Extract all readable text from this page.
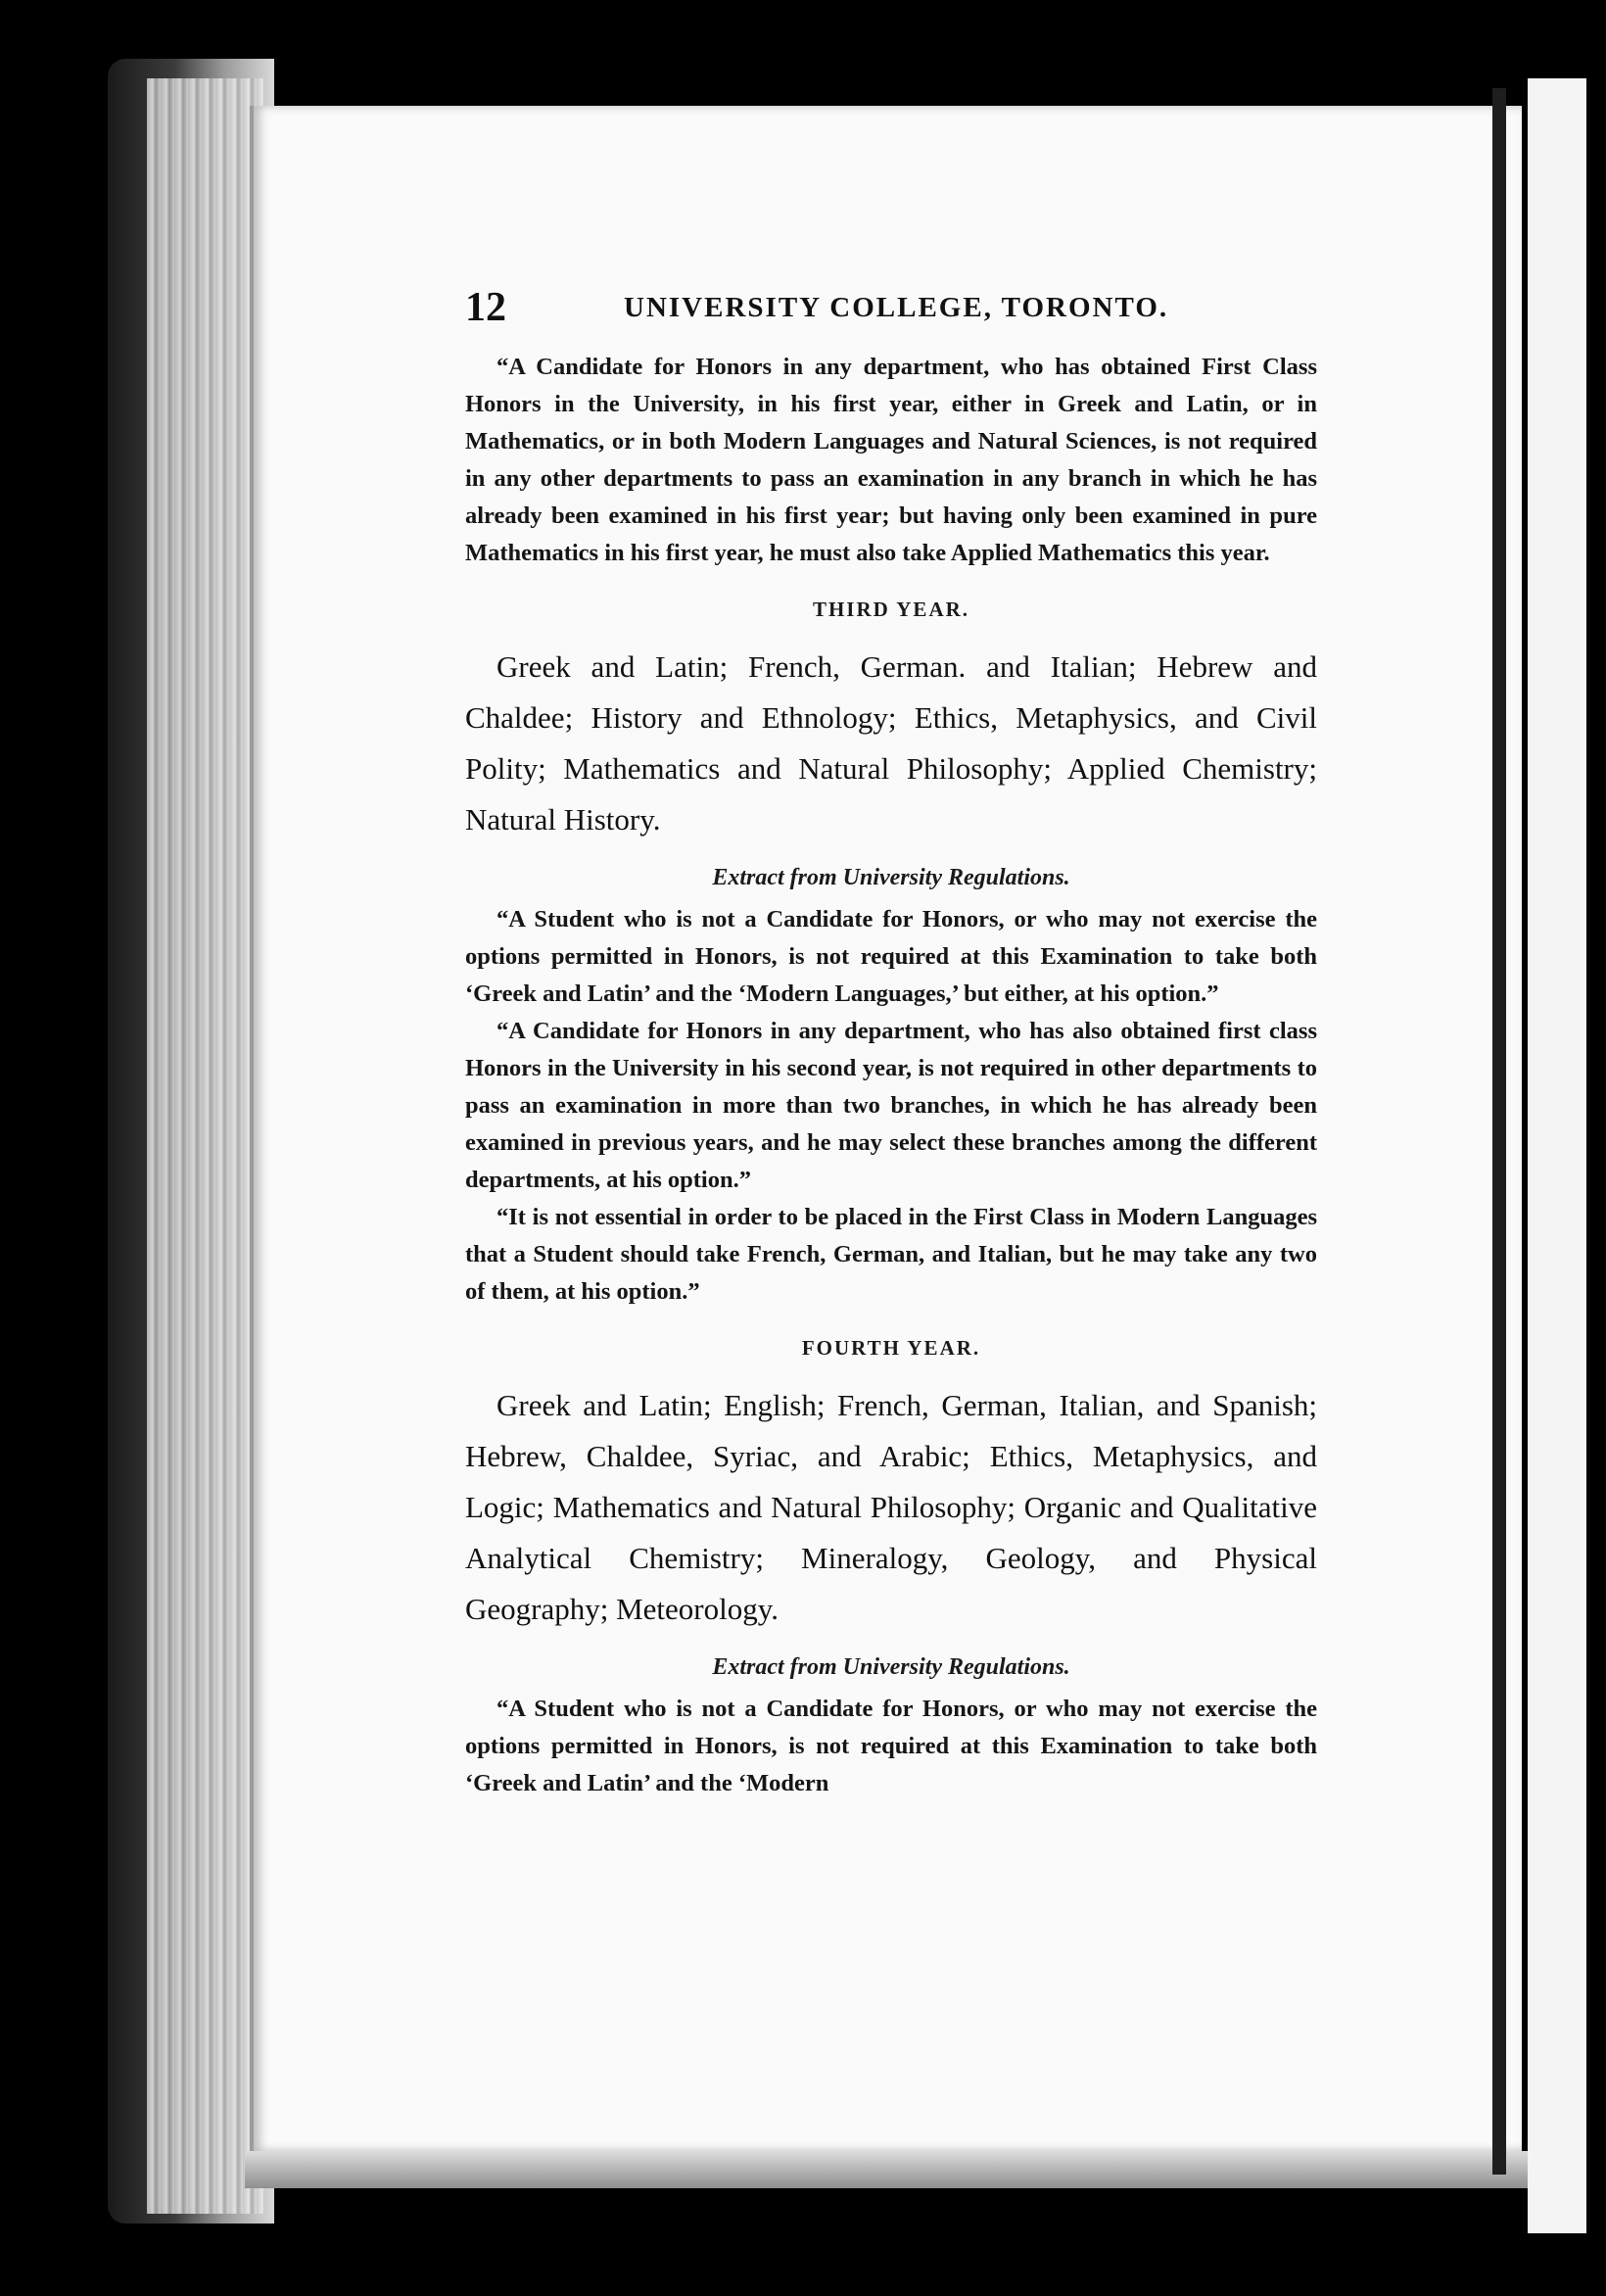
12	UNIVERSITY COLLEGE, TORONTO.

“A Candidate for Honors in any department, who has obtained First Class Honors in the University, in his first year, either in Greek and Latin, or in Mathematics, or in both Modern Languages and Natural Sciences, is not required in any other departments to pass an examination in any branch in which he has already been examined in his first year; but having only been examined in pure Mathematics in his first year, he must also take Applied Mathematics this year.

THIRD YEAR.

Greek and Latin; French, German. and Italian; Hebrew and Chaldee; History and Ethnology; Ethics, Metaphysics, and Civil Polity; Mathematics and Natural Philosophy; Applied Chemistry; Natural History.

Extract from University Regulations.

“A Student who is not a Candidate for Honors, or who may not exercise the options permitted in Honors, is not required at this Examination to take both ‘Greek and Latin’ and the ‘Modern Languages,’ but either, at his option.”

“A Candidate for Honors in any department, who has also obtained first class Honors in the University in his second year, is not required in other departments to pass an examination in more than two branches, in which he has already been examined in previous years, and he may select these branches among the different departments, at his option.”

“It is not essential in order to be placed in the First Class in Modern Languages that a Student should take French, German, and Italian, but he may take any two of them, at his option.”

FOURTH YEAR.

Greek and Latin; English; French, German, Italian, and Spanish; Hebrew, Chaldee, Syriac, and Arabic; Ethics, Metaphysics, and Logic; Mathematics and Natural Philosophy; Organic and Qualitative Analytical Chemistry; Mineralogy, Geology, and Physical Geography; Meteorology.

Extract from University Regulations.

“A Student who is not a Candidate for Honors, or who may not exercise the options permitted in Honors, is not required at this Examination to take both ‘Greek and Latin’ and the ‘Modern
